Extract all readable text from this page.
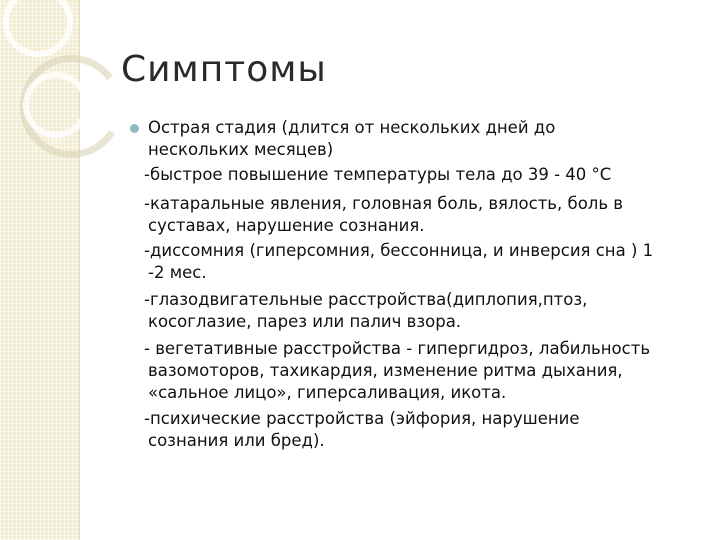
Симптомы
Острая стадия (длится от нескольких дней до
нескольких месяцев)
-быстрое повышение температуры тела до 39 - 40 °C
-катаральные явления, головная боль, вялость, боль в
суставах, нарушение сознания.
-диссомния (гиперсомния, бессонница, и инверсия сна ) 1
-2 мес.
-глазодвигательные расстройства(диплопия,птоз,
косоглазие, парез или палич взора.
- вегетативные расстройства - гипергидроз, лабильность
вазомоторов, тахикардия, изменение ритма дыхания,
«сальное лицо», гиперсаливация, икота.
-психические расстройства (эйфория, нарушение
сознания или бред).
